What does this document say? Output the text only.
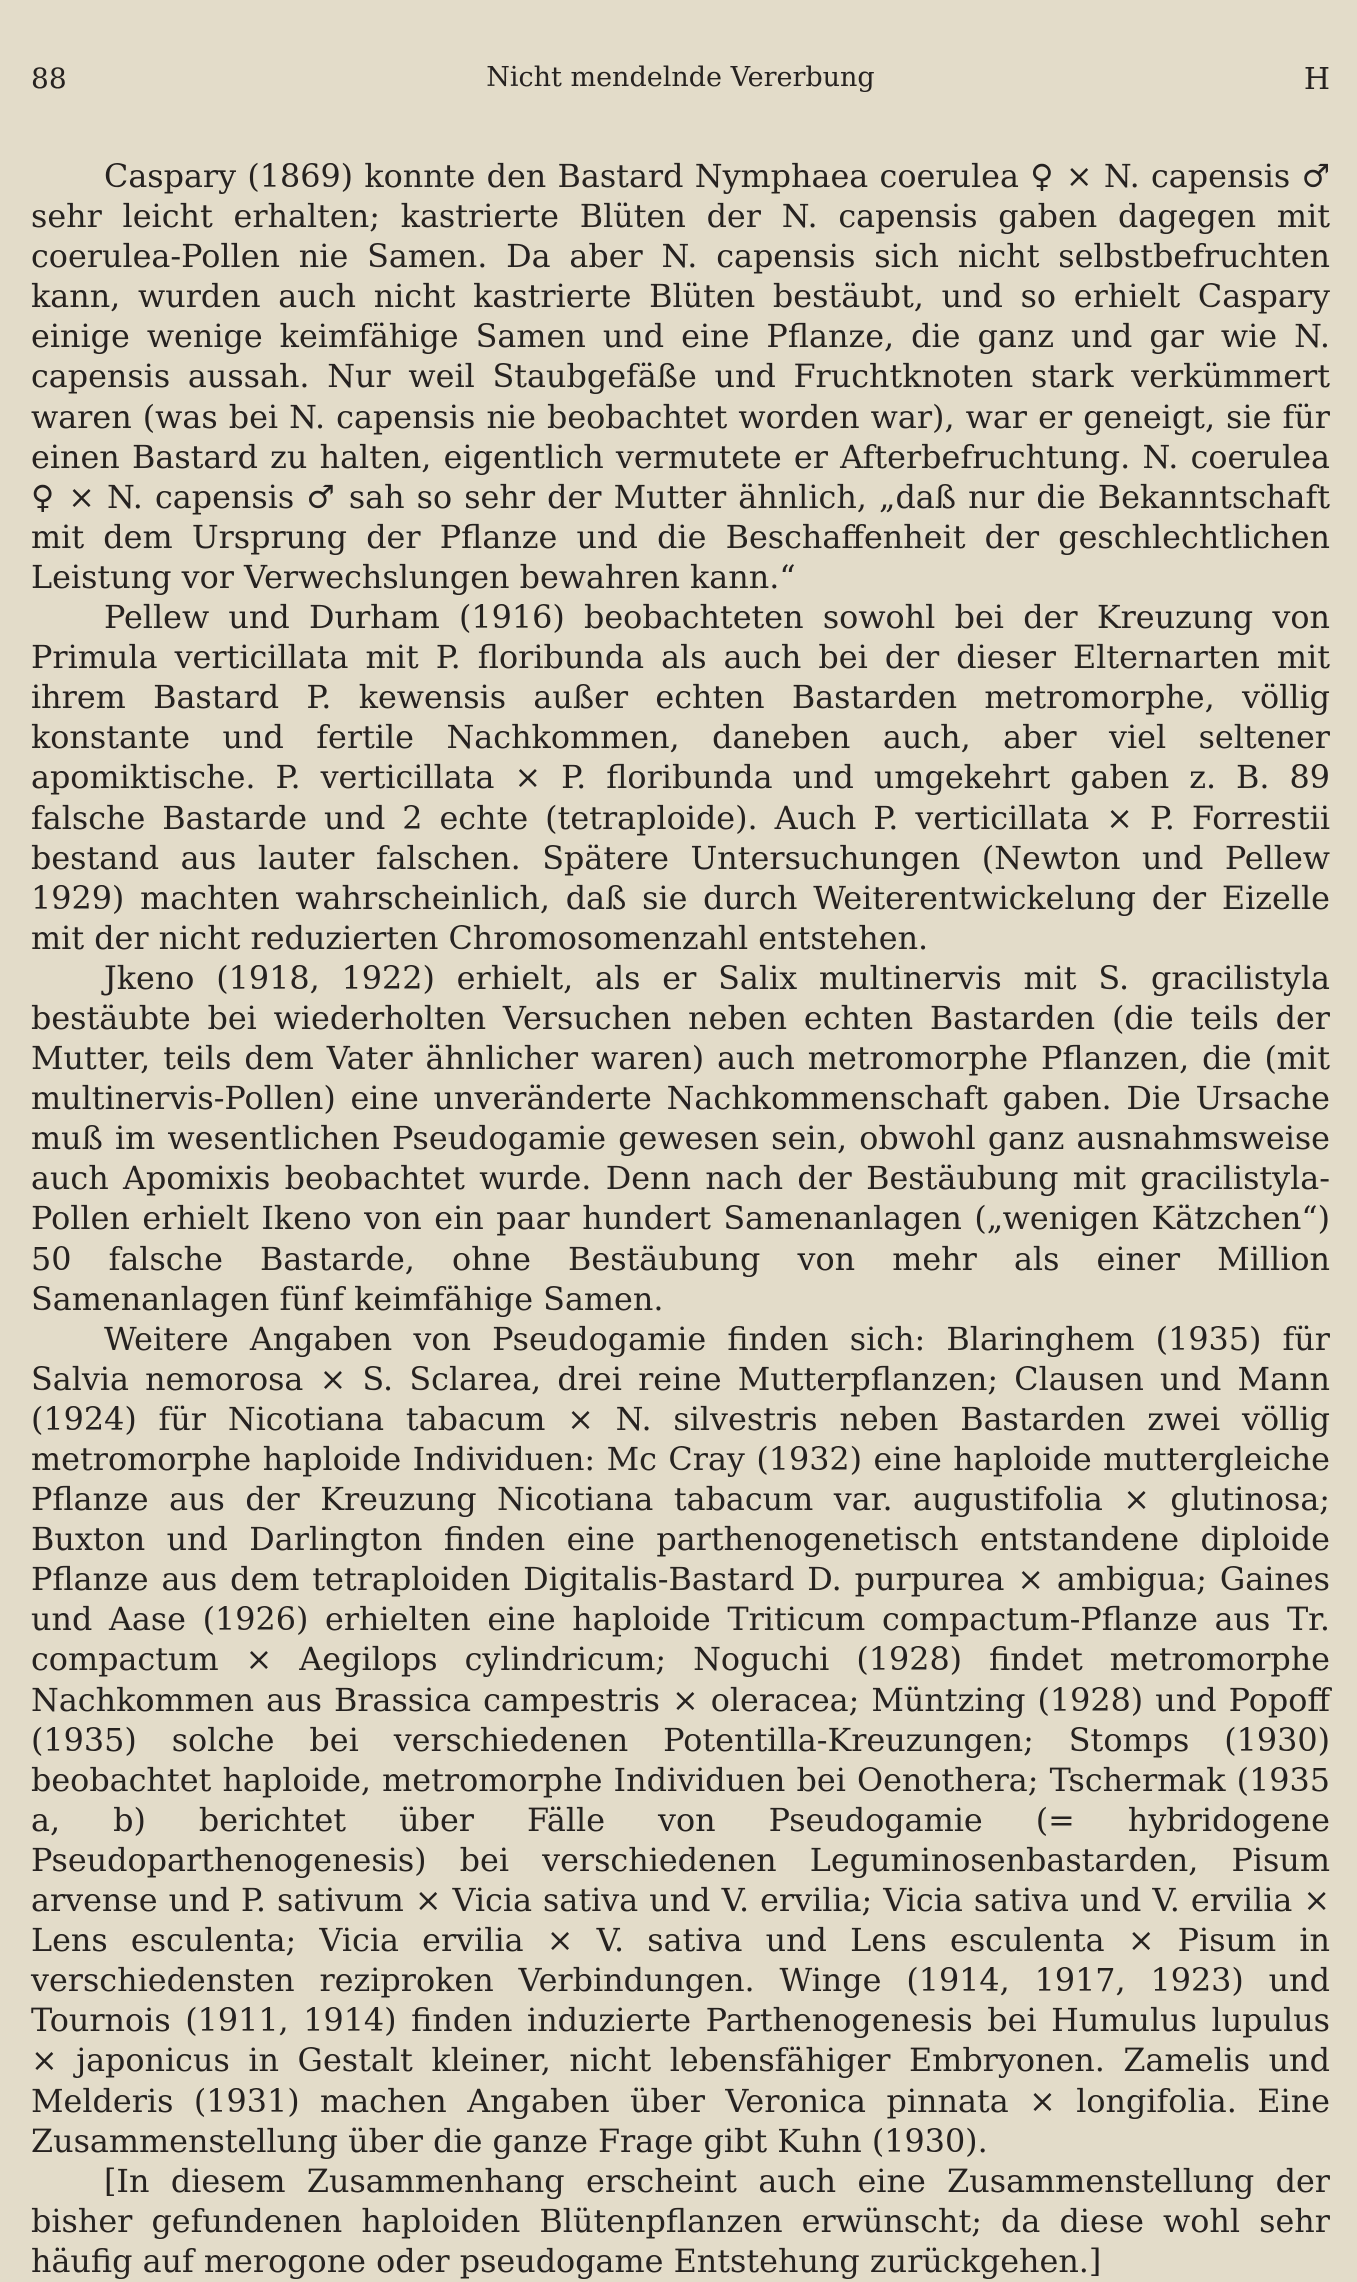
88	Nicht mendelnde Vererbung	H

Caspary (1869) konnte den Bastard Nymphaea coerulea ♀ × N. capensis ♂ sehr leicht erhalten; kastrierte Blüten der N. capensis gaben dagegen mit coerulea-Pollen nie Samen. Da aber N. capensis sich nicht selbstbefruchten kann, wurden auch nicht kastrierte Blüten bestäubt, und so erhielt Caspary einige wenige keimfähige Samen und eine Pflanze, die ganz und gar wie N. capensis aussah. Nur weil Staubgefäße und Fruchtknoten stark verkümmert waren (was bei N. capensis nie beobachtet worden war), war er geneigt, sie für einen Bastard zu halten, eigentlich vermutete er Afterbefruchtung. N. coerulea ♀ × N. capensis ♂ sah so sehr der Mutter ähnlich, „daß nur die Bekanntschaft mit dem Ursprung der Pflanze und die Beschaffenheit der geschlechtlichen Leistung vor Verwechslungen bewahren kann.“

Pellew und Durham (1916) beobachteten sowohl bei der Kreuzung von Primula verticillata mit P. floribunda als auch bei der dieser Elternarten mit ihrem Bastard P. kewensis außer echten Bastarden metromorphe, völlig konstante und fertile Nachkommen, daneben auch, aber viel seltener apomiktische. P. verticillata × P. floribunda und umgekehrt gaben z. B. 89 falsche Bastarde und 2 echte (tetraploide). Auch P. verticillata × P. Forrestii bestand aus lauter falschen. Spätere Untersuchungen (Newton und Pellew 1929) machten wahrscheinlich, daß sie durch Weiterentwickelung der Eizelle mit der nicht reduzierten Chromosomenzahl entstehen.

Jkeno (1918, 1922) erhielt, als er Salix multinervis mit S. gracilistyla bestäubte bei wiederholten Versuchen neben echten Bastarden (die teils der Mutter, teils dem Vater ähnlicher waren) auch metromorphe Pflanzen, die (mit multinervis-Pollen) eine unveränderte Nachkommenschaft gaben. Die Ursache muß im wesentlichen Pseudogamie gewesen sein, obwohl ganz ausnahmsweise auch Apomixis beobachtet wurde. Denn nach der Bestäubung mit gracilistyla-Pollen erhielt Ikeno von ein paar hundert Samenanlagen („wenigen Kätzchen“) 50 falsche Bastarde, ohne Bestäubung von mehr als einer Million Samenanlagen fünf keimfähige Samen.

Weitere Angaben von Pseudogamie finden sich: Blaringhem (1935) für Salvia nemorosa × S. Sclarea, drei reine Mutterpflanzen; Clausen und Mann (1924) für Nicotiana tabacum × N. silvestris neben Bastarden zwei völlig metromorphe haploide Individuen: Mc Cray (1932) eine haploide muttergleiche Pflanze aus der Kreuzung Nicotiana tabacum var. augustifolia × glutinosa; Buxton und Darlington finden eine parthenogenetisch entstandene diploide Pflanze aus dem tetraploiden Digitalis-Bastard D. purpurea × ambigua; Gaines und Aase (1926) erhielten eine haploide Triticum compactum-Pflanze aus Tr. compactum × Aegilops cylindricum; Noguchi (1928) findet metromorphe Nachkommen aus Brassica campestris × oleracea; Müntzing (1928) und Popoff (1935) solche bei verschiedenen Potentilla-Kreuzungen; Stomps (1930) beobachtet haploide, metromorphe Individuen bei Oenothera; Tschermak (1935 a, b) berichtet über Fälle von Pseudogamie (= hybridogene Pseudoparthenogenesis) bei verschiedenen Leguminosenbastarden, Pisum arvense und P. sativum × Vicia sativa und V. ervilia; Vicia sativa und V. ervilia × Lens esculenta; Vicia ervilia × V. sativa und Lens esculenta × Pisum in verschiedensten reziproken Verbindungen. Winge (1914, 1917, 1923) und Tournois (1911, 1914) finden induzierte Parthenogenesis bei Humulus lupulus × japonicus in Gestalt kleiner, nicht lebensfähiger Embryonen. Zamelis und Melderis (1931) machen Angaben über Veronica pinnata × longifolia. Eine Zusammenstellung über die ganze Frage gibt Kuhn (1930).

[In diesem Zusammenhang erscheint auch eine Zusammenstellung der bisher gefundenen haploiden Blütenpflanzen erwünscht; da diese wohl sehr häufig auf merogone oder pseudogame Entstehung zurückgehen.]
